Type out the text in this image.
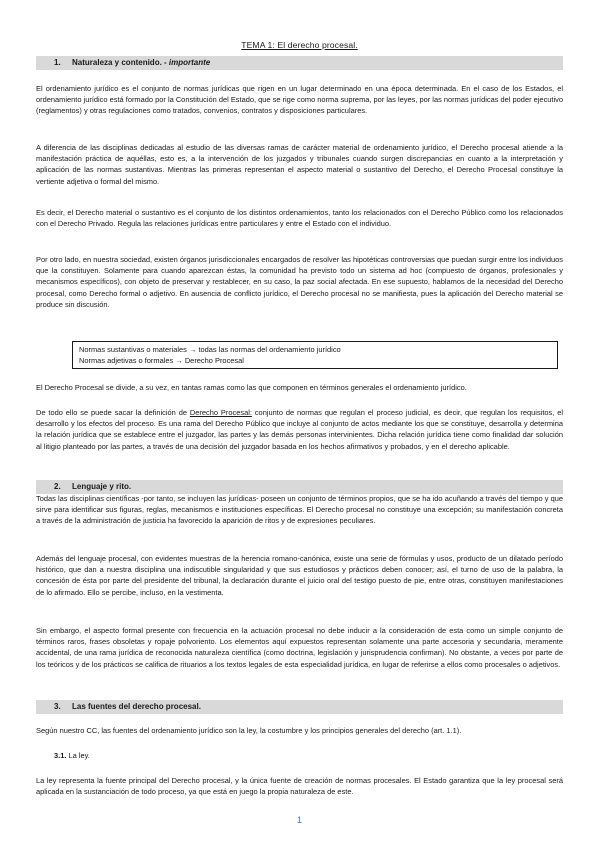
TEMA 1: El derecho procesal.
1. Naturaleza y contenido. - importante

El ordenamiento jurídico es el conjunto de normas jurídicas que rigen en un lugar determinado en una época determinada. En el caso de los Estados, el ordenamiento jurídico está formado por la Constitución del Estado, que se rige como norma suprema, por las leyes, por las normas jurídicas del poder ejecutivo (reglamentos) y otras regulaciones como tratados, convenios, contratos y disposiciones particulares.

A diferencia de las disciplinas dedicadas al estudio de las diversas ramas de carácter material de ordenamiento jurídico, el Derecho procesal atiende a la manifestación práctica de aquéllas, esto es, a la intervención de los juzgados y tribunales cuando surgen discrepancias en cuanto a la interpretación y aplicación de las normas sustantivas. Mientras las primeras representan el aspecto material o sustantivo del Derecho, el Derecho Procesal constituye la vertiente adjetiva o formal del mismo.

Es decir, el Derecho material o sustantivo es el conjunto de los distintos ordenamientos, tanto los relacionados con el Derecho Público como los relacionados con el Derecho Privado. Regula las relaciones jurídicas entre particulares y entre el Estado con el individuo.

Por otro lado, en nuestra sociedad, existen órganos jurisdiccionales encargados de resolver las hipotéticas controversias que puedan surgir entre los individuos que la constituyen. Solamente para cuando aparezcan éstas, la comunidad ha previsto todo un sistema ad hoc (compuesto de órganos, profesionales y mecanismos específicos), con objeto de preservar y restablecer, en su caso, la paz social afectada. En ese supuesto, hablamos de la necesidad del Derecho procesal, como Derecho formal o adjetivo. En ausencia de conflicto jurídico, el Derecho procesal no se manifiesta, pues la aplicación del Derecho material se produce sin discusión.

Normas sustantivas o materiales → todas las normas del ordenamiento jurídico
Normas adjetivas o formales → Derecho Procesal

El Derecho Procesal se divide, a su vez, en tantas ramas como las que componen en términos generales el ordenamiento jurídico.

De todo ello se puede sacar la definición de Derecho Procesal: conjunto de normas que regulan el proceso judicial, es decir, que regulan los requisitos, el desarrollo y los efectos del proceso. Es una rama del Derecho Público que incluye al conjunto de actos mediante los que se constituye, desarrolla y determina la relación jurídica que se establece entre el juzgador, las partes y las demás personas intervinientes. Dicha relación jurídica tiene como finalidad dar solución al litigio planteado por las partes, a través de una decisión del juzgador basada en los hechos afirmativos y probados, y en el derecho aplicable.

2. Lenguaje y rito.

Todas las disciplinas científicas -por tanto, se incluyen las jurídicas- poseen un conjunto de términos propios, que se ha ido acuñando a través del tiempo y que sirve para identificar sus figuras, reglas, mecanismos e instituciones específicas. El Derecho procesal no constituye una excepción; su manifestación concreta a través de la administración de justicia ha favorecido la aparición de ritos y de expresiones peculiares.

Además del lenguaje procesal, con evidentes muestras de la herencia romano-canónica, existe una serie de fórmulas y usos, producto de un dilatado período histórico, que dan a nuestra disciplina una indiscutible singularidad y que sus estudiosos y prácticos deben conocer; así, el turno de uso de la palabra, la concesión de ésta por parte del presidente del tribunal, la declaración durante el juicio oral del testigo puesto de pie, entre otras, constituyen manifestaciones de lo afirmado. Ello se percibe, incluso, en la vestimenta.

Sin embargo, el aspecto formal presente con frecuencia en la actuación procesal no debe inducir a la consideración de esta como un simple conjunto de términos raros, frases obsoletas y ropaje polvoriento. Los elementos aquí expuestos representan solamente una parte accesoria y secundaria, meramente accidental, de una rama jurídica de reconocida naturaleza científica (como doctrina, legislación y jurisprudencia confirman). No obstante, a veces por parte de los teóricos y de los prácticos se califica de rituarios a los textos legales de esta especialidad jurídica, en lugar de referirse a ellos como procesales o adjetivos.

3. Las fuentes del derecho procesal.

Según nuestro CC, las fuentes del ordenamiento jurídico son la ley, la costumbre y los principios generales del derecho (art. 1.1).

3.1. La ley.

La ley representa la fuente principal del Derecho procesal, y la única fuente de creación de normas procesales. El Estado garantiza que la ley procesal será aplicada en la sustanciación de todo proceso, ya que está en juego la propia naturaleza de este.

1
